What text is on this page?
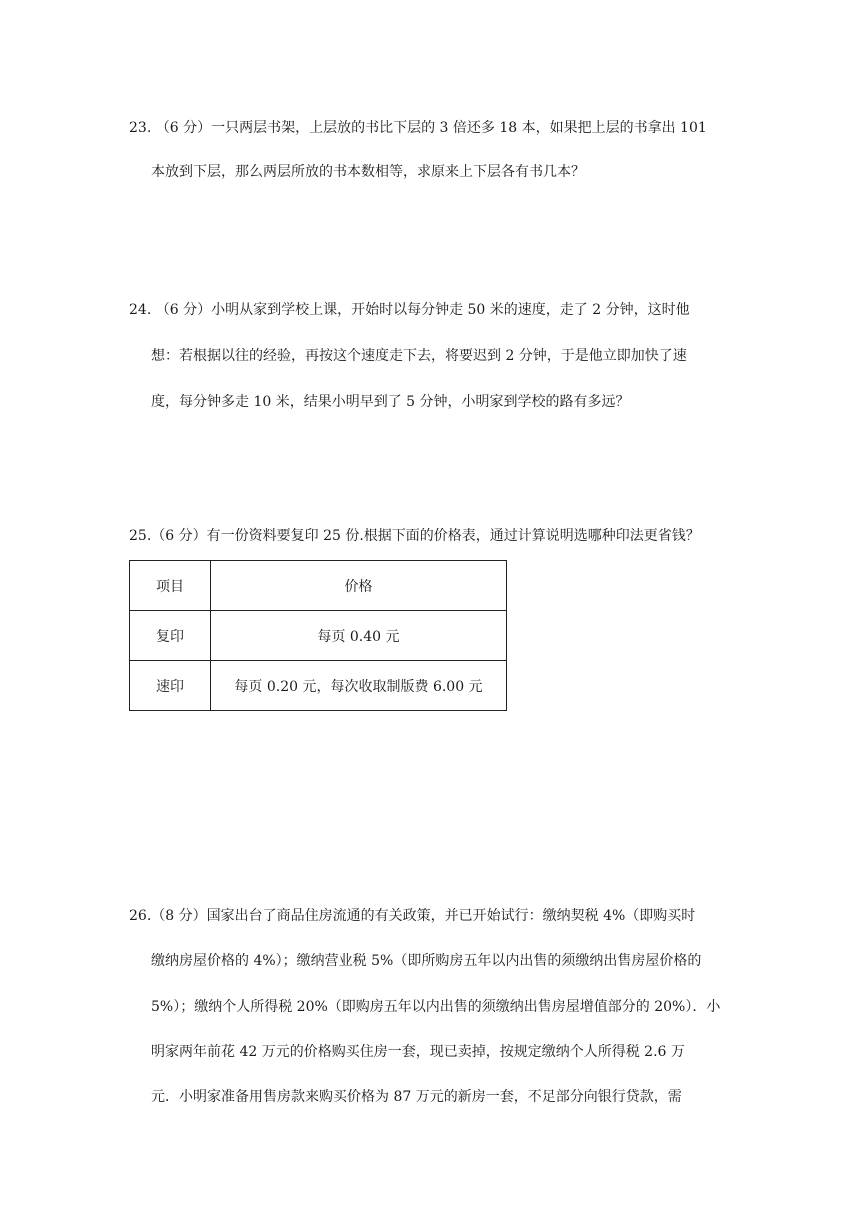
23. （6 分）一只两层书架，上层放的书比下层的 3 倍还多 18 本，如果把上层的书拿出 101
本放到下层，那么两层所放的书本数相等，求原来上下层各有书几本？
24. （6 分）小明从家到学校上课，开始时以每分钟走 50 米的速度，走了 2 分钟，这时他
想：若根据以往的经验，再按这个速度走下去，将要迟到 2 分钟，于是他立即加快了速
度，每分钟多走 10 米，结果小明早到了 5 分钟，小明家到学校的路有多远？
25.（6 分）有一份资料要复印 25 份.根据下面的价格表，通过计算说明选哪种印法更省钱？
项目	价格
复印	每页 0.40 元
速印	每页 0.20 元，每次收取制版费 6.00 元
26.（8 分）国家出台了商品住房流通的有关政策，并已开始试行：缴纳契税 4%（即购买时
缴纳房屋价格的 4%）；缴纳营业税 5%（即所购房五年以内出售的须缴纳出售房屋价格的
5%）；缴纳个人所得税 20%（即购房五年以内出售的须缴纳出售房屋增值部分的 20%）．小
明家两年前花 42 万元的价格购买住房一套，现已卖掉，按规定缴纳个人所得税 2.6 万
元．小明家准备用售房款来购买价格为 87 万元的新房一套，不足部分向银行贷款，需
